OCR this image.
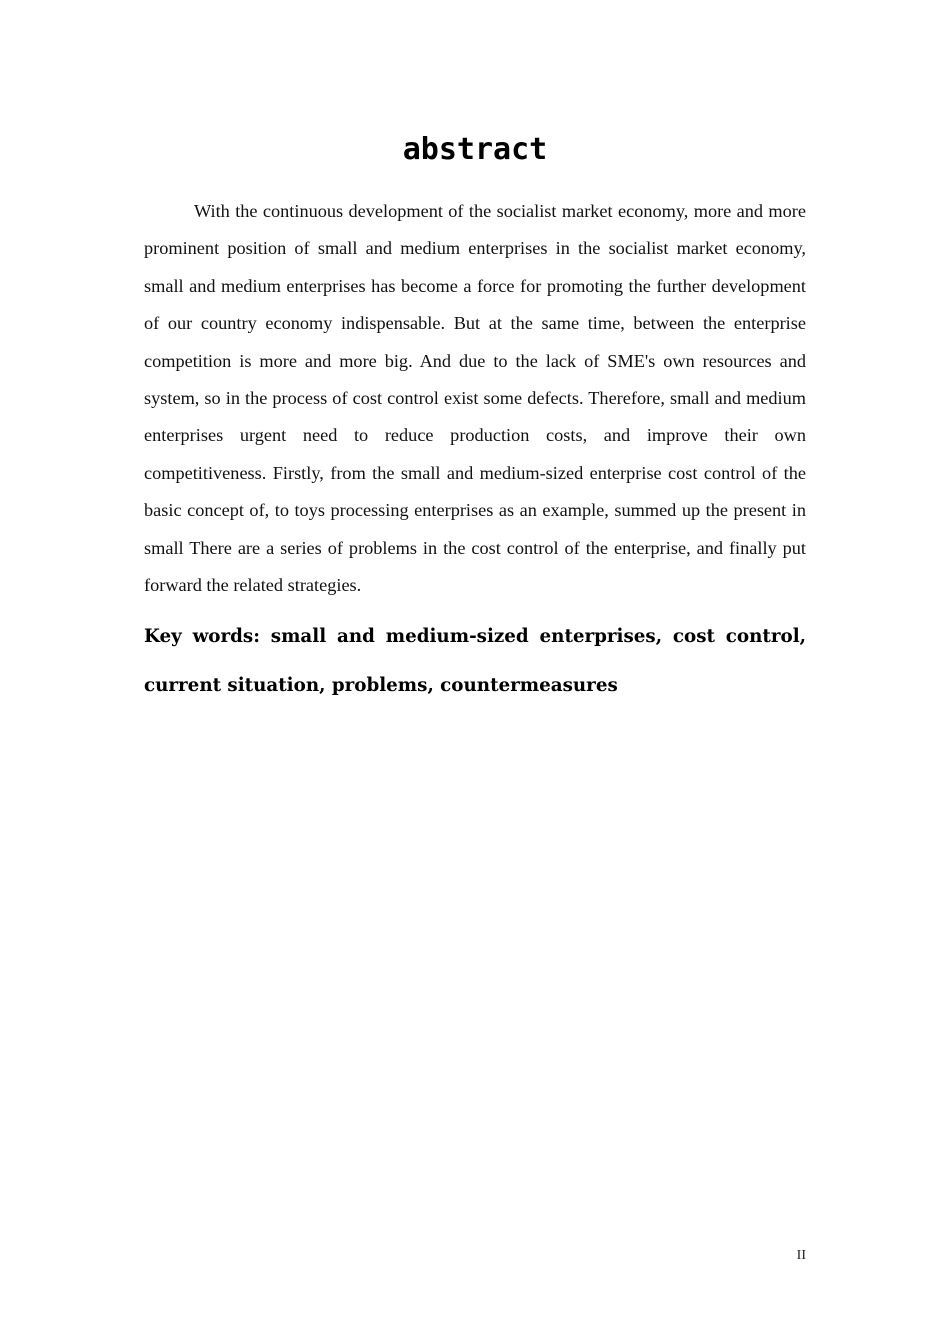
abstract

With the continuous development of the socialist market economy, more and more prominent position of small and medium enterprises in the socialist market economy, small and medium enterprises has become a force for promoting the further development of our country economy indispensable. But at the same time, between the enterprise competition is more and more big. And due to the lack of SME's own resources and system, so in the process of cost control exist some defects. Therefore, small and medium enterprises urgent need to reduce production costs, and improve their own competitiveness. Firstly, from the small and medium-sized enterprise cost control of the basic concept of, to toys processing enterprises as an example, summed up the present in small There are a series of problems in the cost control of the enterprise, and finally put forward the related strategies.

Key words: small and medium-sized enterprises, cost control, current situation, problems, countermeasures

II
